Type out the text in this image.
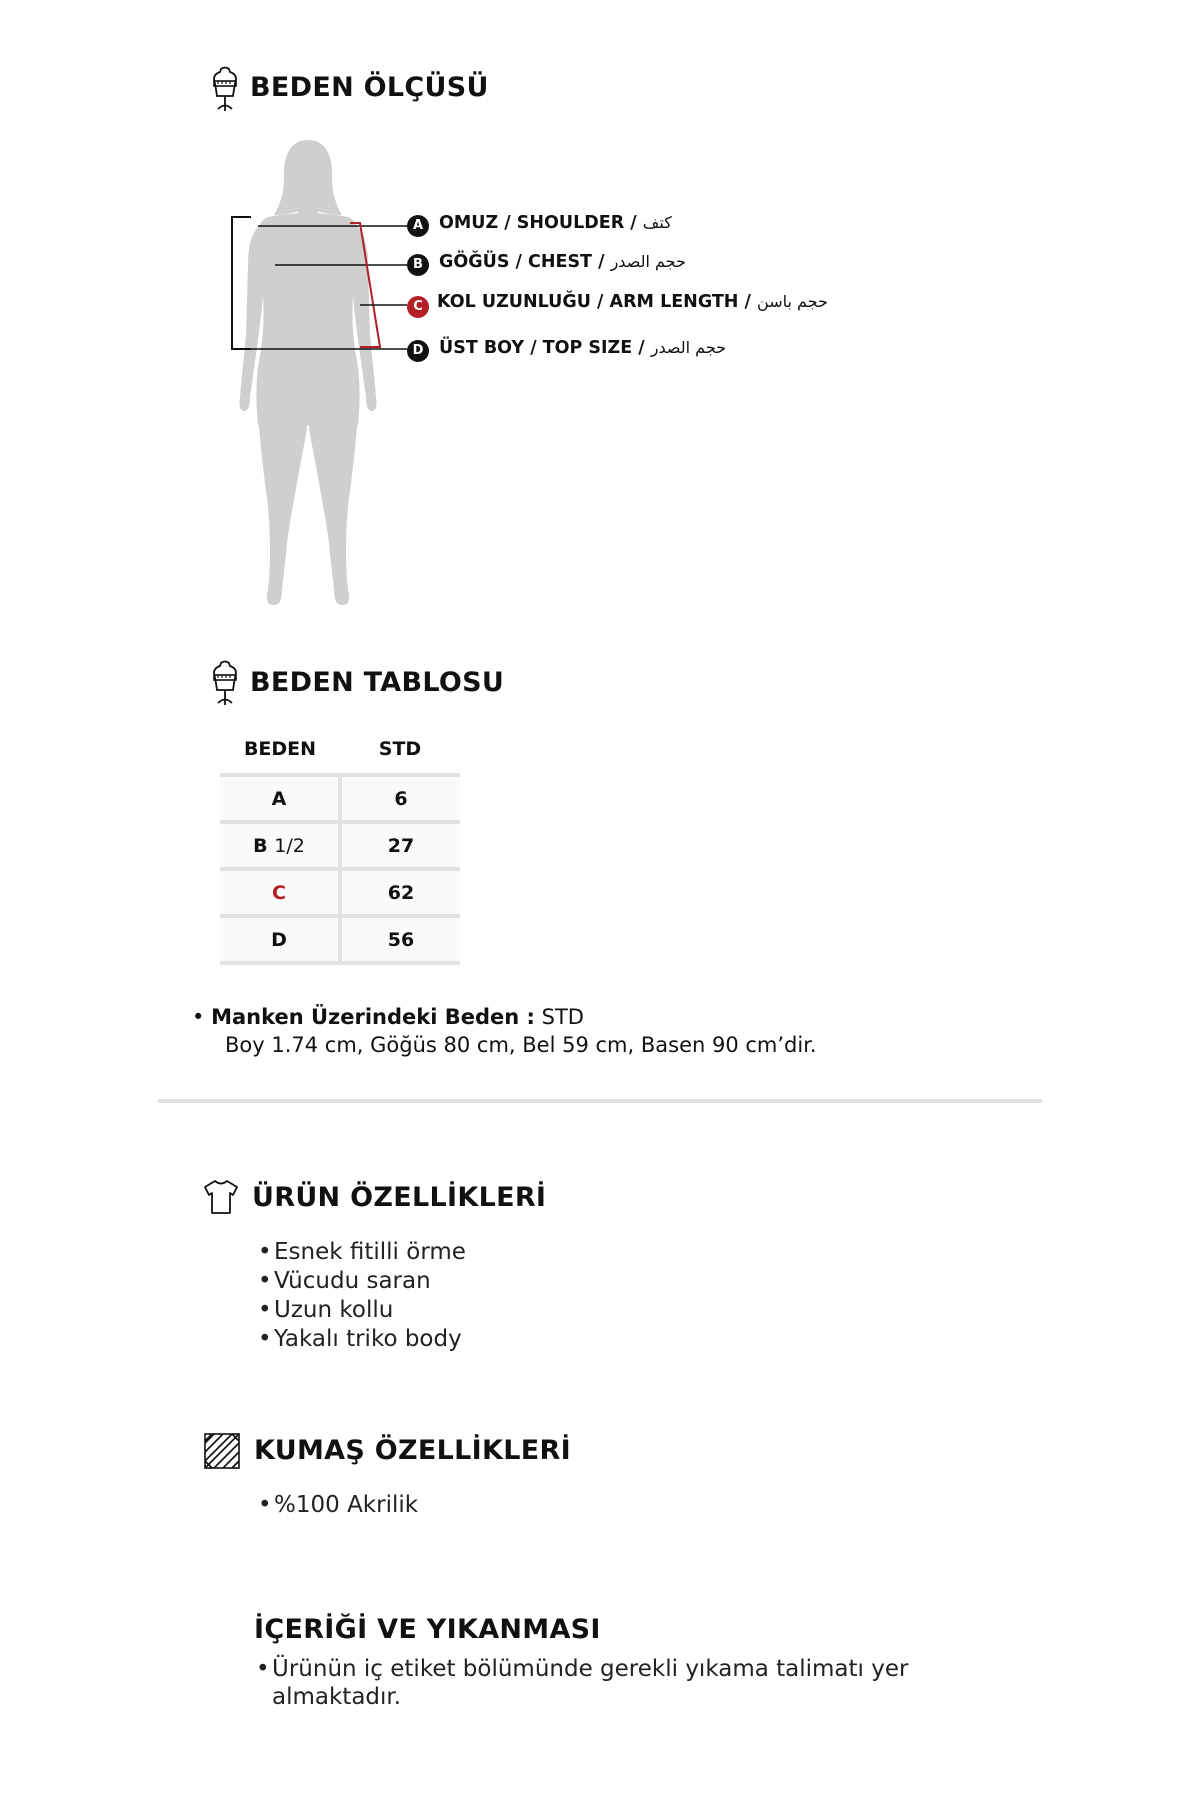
BEDEN ÖLÇÜSÜ
A OMUZ / SHOULDER / كتف
B GÖĞÜS / CHEST / حجم الصدر
C KOL UZUNLUĞU / ARM LENGTH / حجم باسن
D ÜST BOY / TOP SIZE / حجم الصدر
BEDEN TABLOSU
BEDEN	STD
A	6
B 1/2	27
C	62
D	56
• Manken Üzerindeki Beden : STD
Boy 1.74 cm, Göğüs 80 cm, Bel 59 cm, Basen 90 cm’dir.
ÜRÜN ÖZELLİKLERİ
• Esnek fitilli örme
• Vücudu saran
• Uzun kollu
• Yakalı triko body
KUMAŞ ÖZELLİKLERİ
• %100 Akrilik
İÇERİĞİ VE YIKANMASI
• Ürünün iç etiket bölümünde gerekli yıkama talimatı yer almaktadır.
